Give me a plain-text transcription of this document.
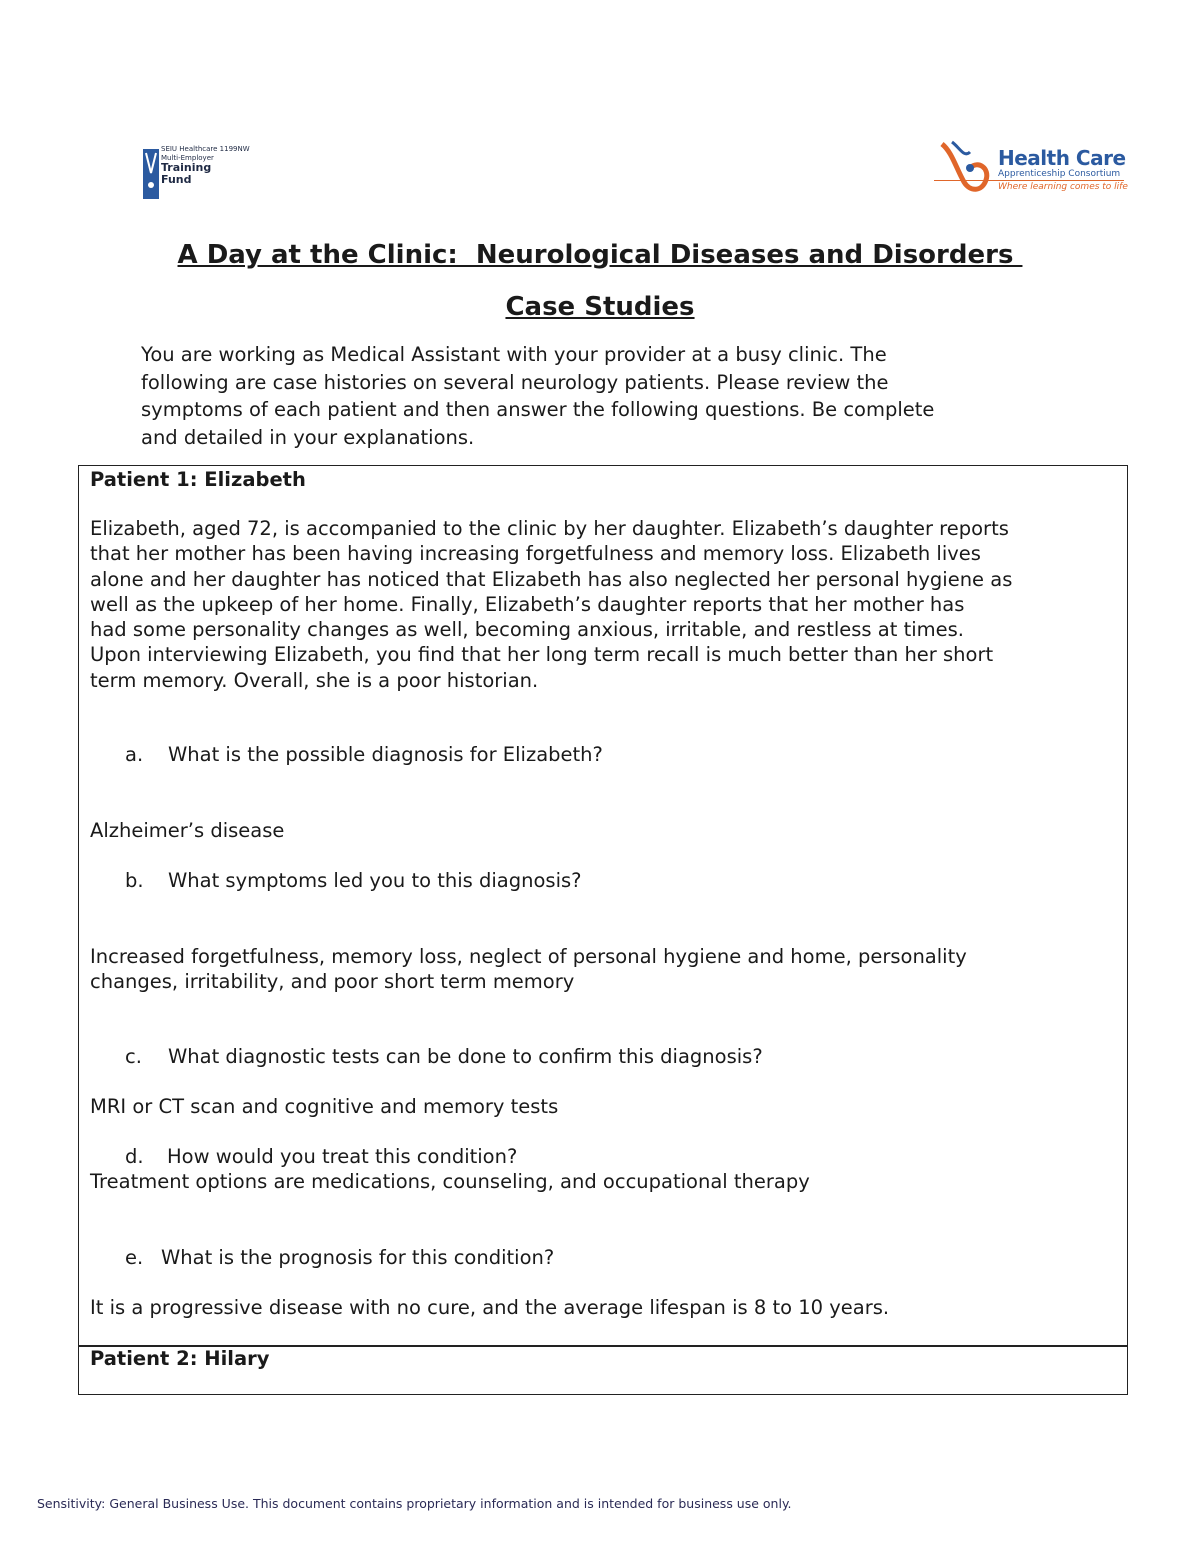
SEIU Healthcare 1199NW
Multi-Employer
Training
Fund
Health Care
Apprenticeship Consortium
Where learning comes to life
A Day at the Clinic:  Neurological Diseases and Disorders
Case Studies
You are working as Medical Assistant with your provider at a busy clinic. The
following are case histories on several neurology patients. Please review the
symptoms of each patient and then answer the following questions. Be complete
and detailed in your explanations.
Patient 1: Elizabeth
Elizabeth, aged 72, is accompanied to the clinic by her daughter. Elizabeth’s daughter reports
that her mother has been having increasing forgetfulness and memory loss. Elizabeth lives
alone and her daughter has noticed that Elizabeth has also neglected her personal hygiene as
well as the upkeep of her home. Finally, Elizabeth’s daughter reports that her mother has
had some personality changes as well, becoming anxious, irritable, and restless at times.
Upon interviewing Elizabeth, you find that her long term recall is much better than her short
term memory. Overall, she is a poor historian.
a. What is the possible diagnosis for Elizabeth?
Alzheimer’s disease
b. What symptoms led you to this diagnosis?
Increased forgetfulness, memory loss, neglect of personal hygiene and home, personality
changes, irritability, and poor short term memory
c. What diagnostic tests can be done to confirm this diagnosis?
MRI or CT scan and cognitive and memory tests
d. How would you treat this condition?
Treatment options are medications, counseling, and occupational therapy
e. What is the prognosis for this condition?
It is a progressive disease with no cure, and the average lifespan is 8 to 10 years.
Patient 2: Hilary
Sensitivity: General Business Use. This document contains proprietary information and is intended for business use only.
